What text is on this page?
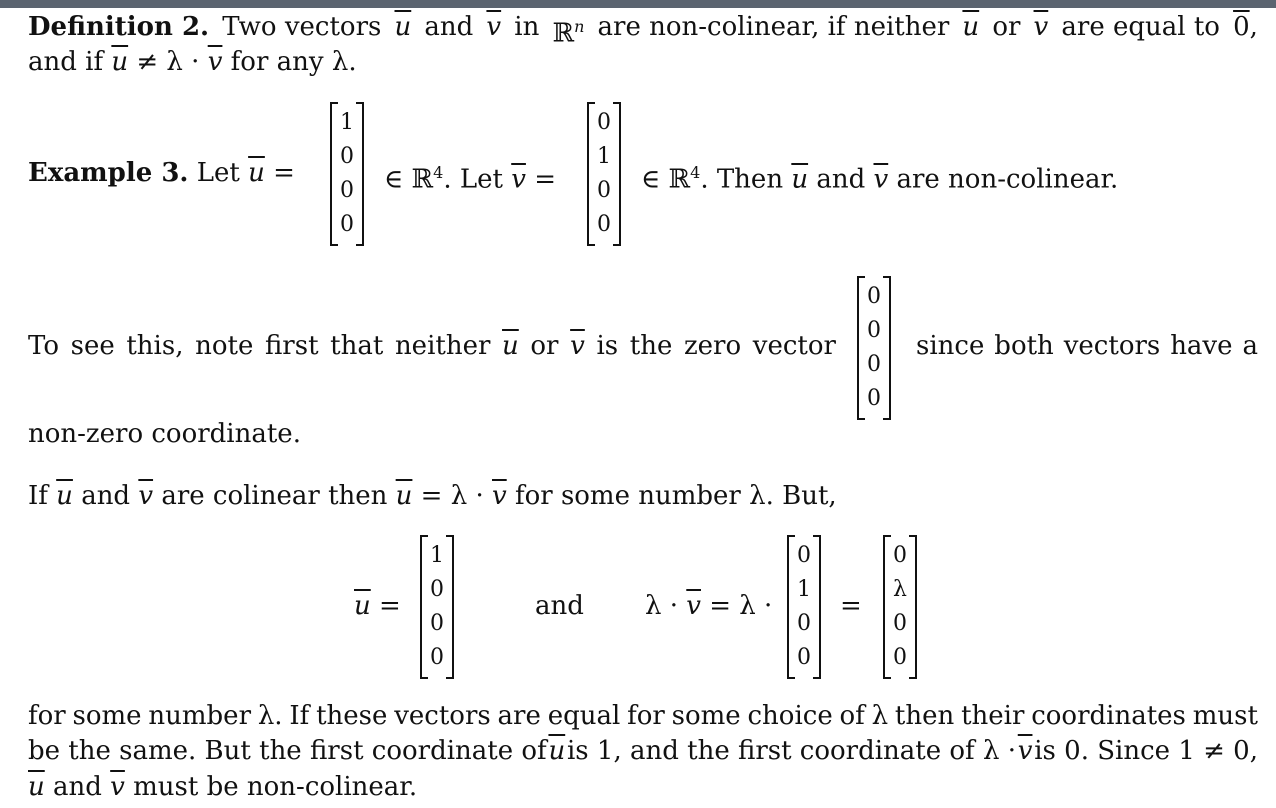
Definition 2. Two vectors $\overline{u}$ and $\overline{v}$ in ℝ$^n$ are non-colinear, if neither $\overline{u}$ or $\overline{v}$ are equal to 0,
and if $\overline{u} \ne \lambda \cdot \overline{v}$ for any λ.
Example 3. Let $\overline{u}$ =
1
0
0
0
∈ ℝ$^4$. Let $\overline{v}$ =
0
1
0
0
∈ ℝ$^4$. Then $\overline{u}$ and $\overline{v}$ are non-colinear.
To see this, note first that neither $\overline{u}$ or $\overline{v}$ is the zero vector
0
0
0
0
since both vectors have a
non-zero coordinate.
If $\overline{u}$ and $\overline{v}$ are colinear then $\overline{u} = \lambda \cdot \overline{v}$ for some number λ. But,
$\overline{u}$ =
1
0
0
0
and $\lambda \cdot \overline{v} = \lambda$ ·
0
1
0
0
=
0
λ
0
0
for some number λ. If these vectors are equal for some choice of λ then their coordinates must
be the same. But the first coordinate of $\overline{u}$ is 1, and the first coordinate of $\lambda \cdot \overline{v}$ is 0. Since 1 ≠ 0,
$\overline{u}$ and $\overline{v}$ must be non-colinear.
